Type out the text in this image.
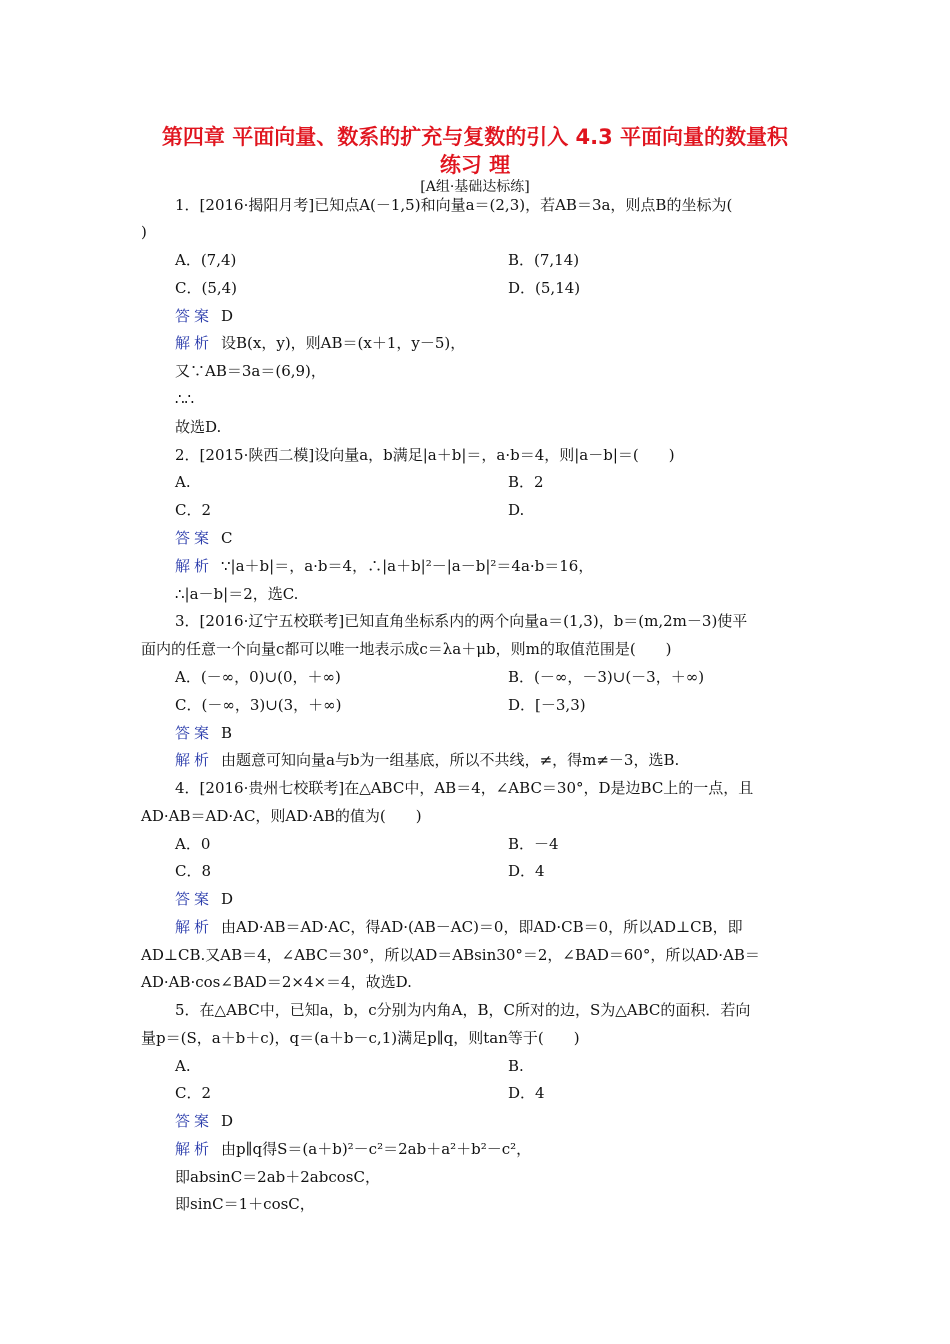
第四章 平面向量、数系的扩充与复数的引入 4.3 平面向量的数量积
练习 理
[A组·基础达标练]
1．[2016·揭阳月考]已知点A(－1,5)和向量a＝(2,3)，若AB＝3a，则点B的坐标为(
)
A．(7,4)	B．(7,14)
C．(5,4)	D．(5,14)
答案 D
解析 设B(x，y)，则AB＝(x＋1，y－5)，
又∵AB＝3a＝(6,9)，
∴∴
故选D.
2．[2015·陕西二模]设向量a，b满足|a＋b|＝，a·b＝4，则|a－b|＝(　　)
A.	B．2
C．2	D.
答案 C
解析 ∵|a＋b|＝，a·b＝4，∴|a＋b|²－|a－b|²＝4a·b＝16，
∴|a－b|＝2，选C.
3．[2016·辽宁五校联考]已知直角坐标系内的两个向量a＝(1,3)，b＝(m,2m－3)使平
面内的任意一个向量c都可以唯一地表示成c＝λa＋μb，则m的取值范围是(　　)
A．(－∞，0)∪(0，＋∞)	B．(－∞，－3)∪(－3，＋∞)
C．(－∞，3)∪(3，＋∞)	D．[－3,3)
答案 B
解析 由题意可知向量a与b为一组基底，所以不共线，≠，得m≠－3，选B.
4．[2016·贵州七校联考]在△ABC中，AB＝4，∠ABC＝30°，D是边BC上的一点，且
AD·AB＝AD·AC，则AD·AB的值为(　　)
A．0	B．－4
C．8	D．4
答案 D
解析 由AD·AB＝AD·AC，得AD·(AB－AC)＝0，即AD·CB＝0，所以AD⊥CB，即
AD⊥CB.又AB＝4，∠ABC＝30°，所以AD＝ABsin30°＝2，∠BAD＝60°，所以AD·AB＝
AD·AB·cos∠BAD＝2×4×＝4，故选D.
5．在△ABC中，已知a，b，c分别为内角A，B，C所对的边，S为△ABC的面积．若向
量p＝(S，a＋b＋c)，q＝(a＋b－c,1)满足p∥q，则tan等于(　　)
A.	B.
C．2	D．4
答案 D
解析 由p∥q得S＝(a＋b)²－c²＝2ab＋a²＋b²－c²，
即absinC＝2ab＋2abcosC，
即sinC＝1＋cosC，
